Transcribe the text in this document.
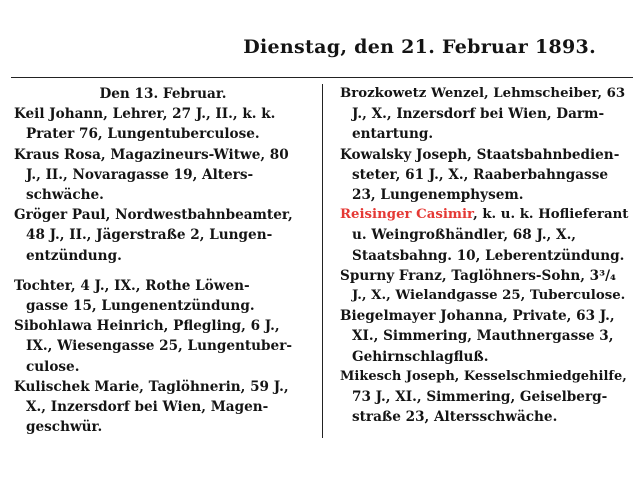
Dienstag, den 21. Februar 1893.
Den 13. Februar.

Keil Johann, Lehrer, 27 J., II., k. k.

Prater 76, Lungentuberculose.

Kraus Rosa, Magazineurs-Witwe, 80

J., II., Novaragasse 19, Alters-

schwäche.

Gröger Paul, Nordwestbahnbeamter,

48 J., II., Jägerstraße 2, Lungen-

entzündung.

Tochter, 4 J., IX., Rothe Löwen-

gasse 15, Lungenentzündung.

Sibohlawa Heinrich, Pflegling, 6 J.,

IX., Wiesengasse 25, Lungentuber-

culose.

Kulischek Marie, Taglöhnerin, 59 J.,

X., Inzersdorf bei Wien, Magen-

geschwür.

Brozkowetz Wenzel, Lehmscheiber, 63

J., X., Inzersdorf bei Wien, Darm-

entartung.

Kowalsky Joseph, Staatsbahnbedien-

steter, 61 J., X., Raaberbahngasse

23, Lungenemphysem.

Reisinger Casimir, k. u. k. Hoflieferant

u. Weingroßhändler, 68 J., X.,

Staatsbahng. 10, Leberentzündung.

Spurny Franz, Taglöhners-Sohn, 3³/₄

J., X., Wielandgasse 25, Tuberculose.

Biegelmayer Johanna, Private, 63 J.,

XI., Simmering, Mauthnergasse 3,

Gehirnschlagfluß.

Mikesch Joseph, Kesselschmiedgehilfe,

73 J., XI., Simmering, Geiselberg-

straße 23, Altersschwäche.
